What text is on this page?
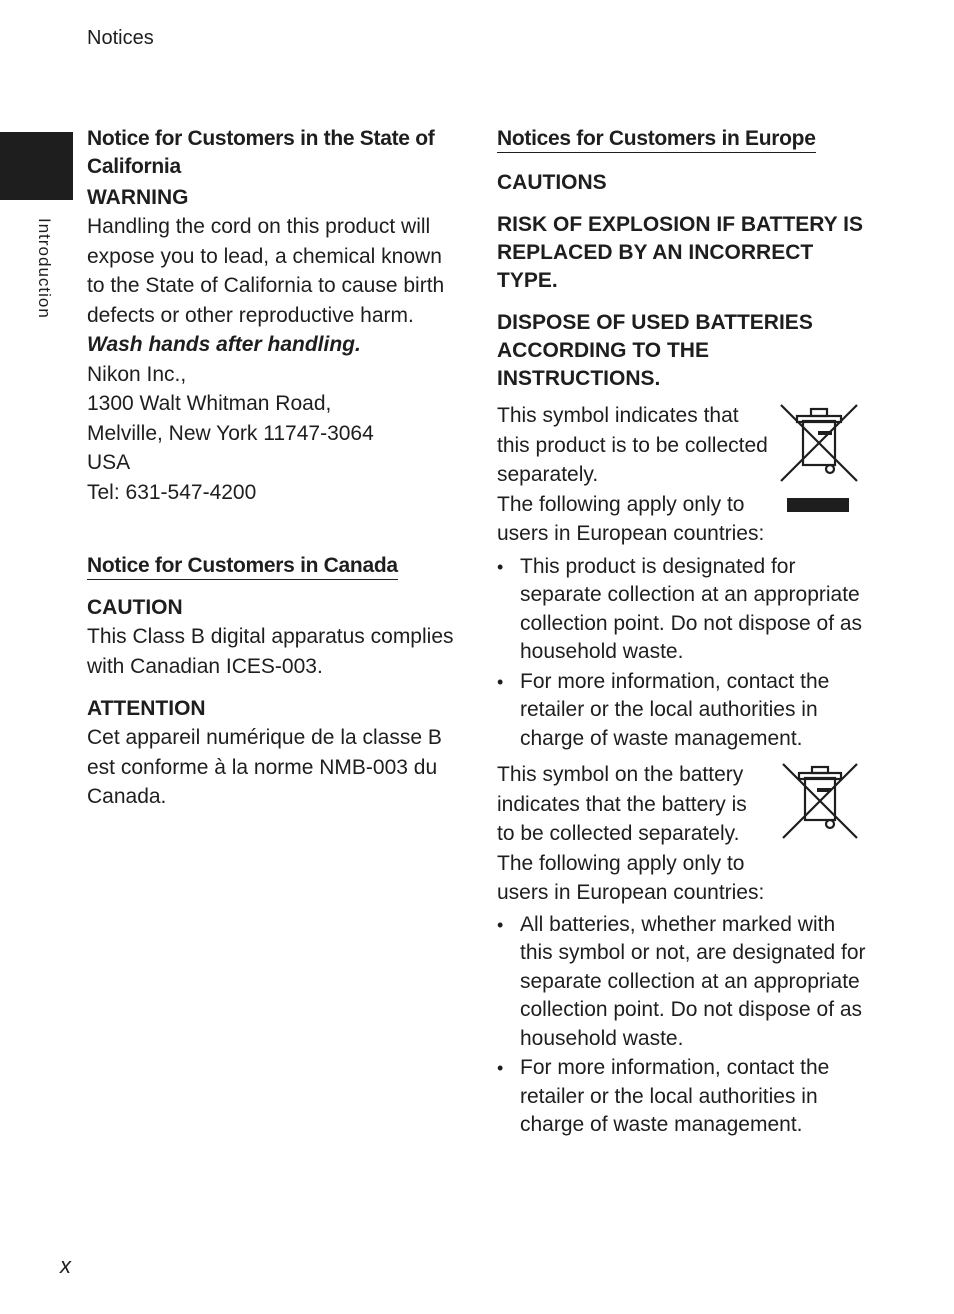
Notices
Introduction
Notice for Customers in the State of
California
WARNING

Handling the cord on this product will
expose you to lead, a chemical known
to the State of California to cause birth
defects or other reproductive harm.

Wash hands after handling.

Nikon Inc.,
1300 Walt Whitman Road,
Melville, New York 11747-3064
USA
Tel: 631-547-4200

Notice for Customers in Canada
CAUTION

This Class B digital apparatus complies
with Canadian ICES-003.

ATTENTION

Cet appareil numérique de la classe B
est conforme à la norme NMB-003 du
Canada.

Notices for Customers in Europe
CAUTIONS
RISK OF EXPLOSION IF BATTERY IS
REPLACED BY AN INCORRECT
TYPE.
DISPOSE OF USED BATTERIES
ACCORDING TO THE
INSTRUCTIONS.

This symbol indicates that
this product is to be collected
separately.
The following apply only to
users in European countries:

• This product is designated for
separate collection at an appropriate
collection point. Do not dispose of as
household waste.
• For more information, contact the
retailer or the local authorities in
charge of waste management.

This symbol on the battery
indicates that the battery is
to be collected separately.
The following apply only to
users in European countries:

• All batteries, whether marked with
this symbol or not, are designated for
separate collection at an appropriate
collection point. Do not dispose of as
household waste.
• For more information, contact the
retailer or the local authorities in
charge of waste management.
x
